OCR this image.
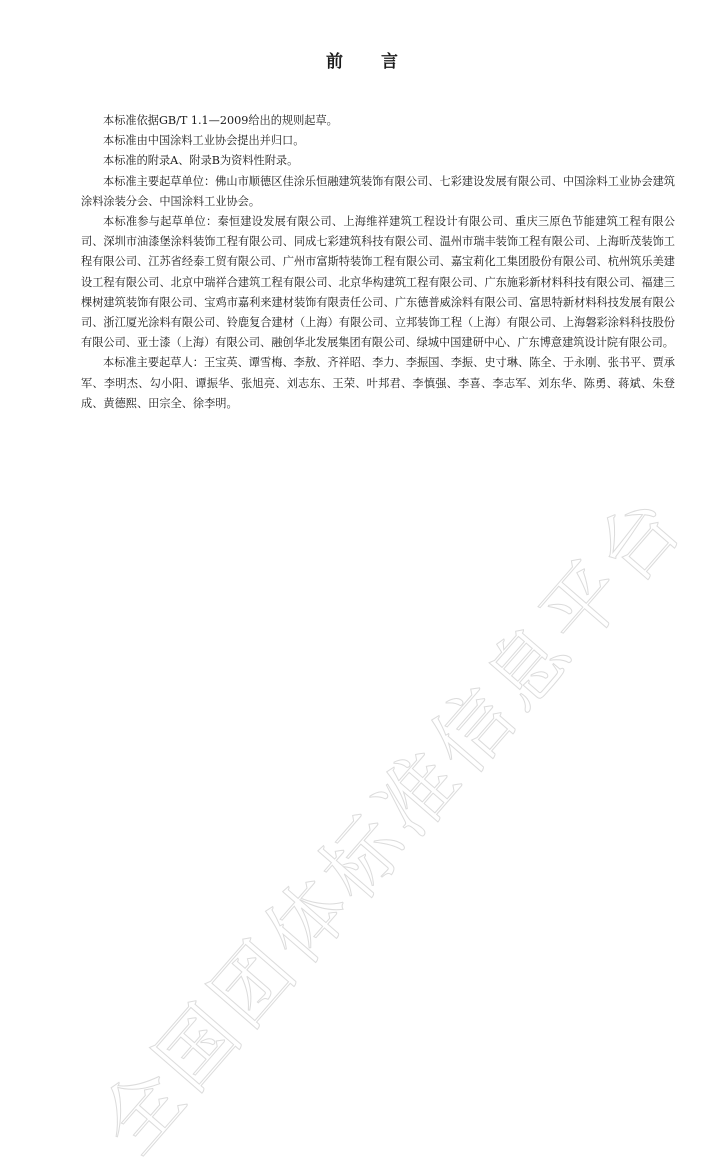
全国团体标准信息平台
前言

本标准依据GB/T 1.1—2009给出的规则起草。

本标准由中国涂料工业协会提出并归口。

本标准的附录A、附录B为资料性附录。

本标准主要起草单位：佛山市顺德区佳涂乐恒融建筑装饰有限公司、七彩建设发展有限公司、中国涂料工业协会建筑涂料涂装分会、中国涂料工业协会。

本标准参与起草单位：秦恒建设发展有限公司、上海维祥建筑工程设计有限公司、重庆三原色节能建筑工程有限公司、深圳市油漆堡涂料装饰工程有限公司、同成七彩建筑科技有限公司、温州市瑞丰装饰工程有限公司、上海昕茂装饰工程有限公司、江苏省经泰工贸有限公司、广州市富斯特装饰工程有限公司、嘉宝莉化工集团股份有限公司、杭州筑乐美建设工程有限公司、北京中瑞祥合建筑工程有限公司、北京华构建筑工程有限公司、广东施彩新材料科技有限公司、福建三棵树建筑装饰有限公司、宝鸡市嘉利来建材装饰有限责任公司、广东德普威涂料有限公司、富思特新材料科技发展有限公司、浙江厦光涂料有限公司、铃鹿复合建材（上海）有限公司、立邦装饰工程（上海）有限公司、上海磐彩涂料科技股份有限公司、亚士漆（上海）有限公司、融创华北发展集团有限公司、绿城中国建研中心、广东博意建筑设计院有限公司。

本标准主要起草人：王宝英、谭雪梅、李敖、齐祥昭、李力、李振国、李振、史寸琳、陈全、于永刚、张书平、贾承军、李明杰、勾小阳、谭振华、张旭亮、刘志东、王荣、叶邦君、李慎强、李喜、李志军、刘东华、陈勇、蒋斌、朱登成、黄德熙、田宗全、徐李明。
